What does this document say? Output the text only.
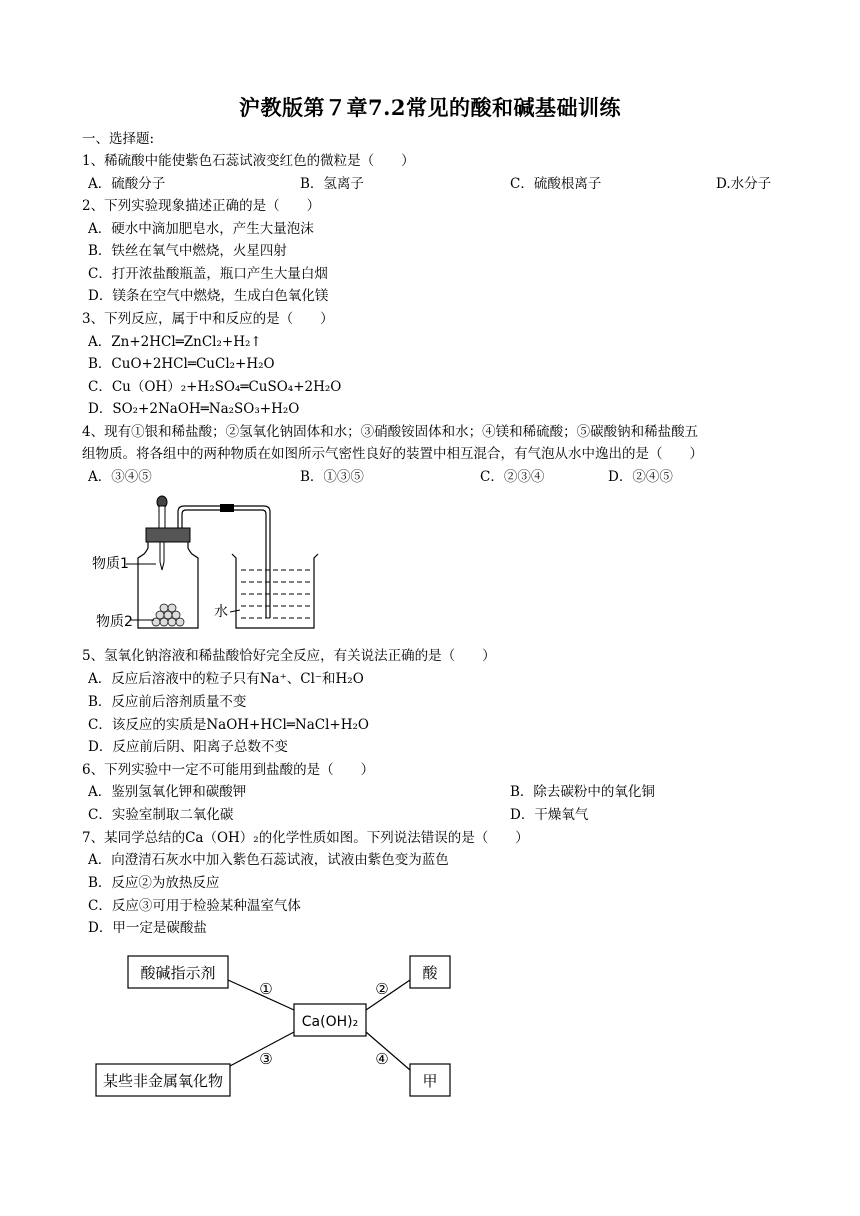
沪教版第７章7.2常见的酸和碱基础训练
一、选择题:
1、稀硫酸中能使紫色石蕊试液变红色的微粒是（　　）
A．硫酸分子	B．氢离子	C．硫酸根离子	D.水分子
2、下列实验现象描述正确的是（　　）
A．硬水中滴加肥皂水，产生大量泡沫
B．铁丝在氧气中燃烧，火星四射
C．打开浓盐酸瓶盖，瓶口产生大量白烟
D．镁条在空气中燃烧，生成白色氧化镁
3、下列反应，属于中和反应的是（　　）
A．Zn+2HCl═ZnCl₂+H₂↑
B．CuO+2HCl═CuCl₂+H₂O
C．Cu（OH）₂+H₂SO₄═CuSO₄+2H₂O
D．SO₂+2NaOH═Na₂SO₃+H₂O
4、现有①银和稀盐酸；②氢氧化钠固体和水；③硝酸铵固体和水；④镁和稀硫酸；⑤碳酸钠和稀盐酸五
组物质。将各组中的两种物质在如图所示气密性良好的装置中相互混合，有气泡从水中逸出的是（　　）
A．③④⑤	B．①③⑤	C．②③④	D．②④⑤
物质1
物质2
水
5、氢氧化钠溶液和稀盐酸恰好完全反应，有关说法正确的是（　　）
A．反应后溶液中的粒子只有Na⁺、Cl⁻和H₂O
B．反应前后溶剂质量不变
C．该反应的实质是NaOH+HCl═NaCl+H₂O
D．反应前后阴、阳离子总数不变
6、下列实验中一定不可能用到盐酸的是（　　）
A．鉴别氢氧化钾和碳酸钾	B．除去碳粉中的氧化铜
C．实验室制取二氧化碳	D．干燥氧气
7、某同学总结的Ca（OH）₂的化学性质如图。下列说法错误的是（　　）
A．向澄清石灰水中加入紫色石蕊试液，试液由紫色变为蓝色
B．反应②为放热反应
C．反应③可用于检验某种温室气体
D．甲一定是碳酸盐
酸碱指示剂	酸
Ca(OH)₂
某些非金属氧化物	甲
①	②
③	④
